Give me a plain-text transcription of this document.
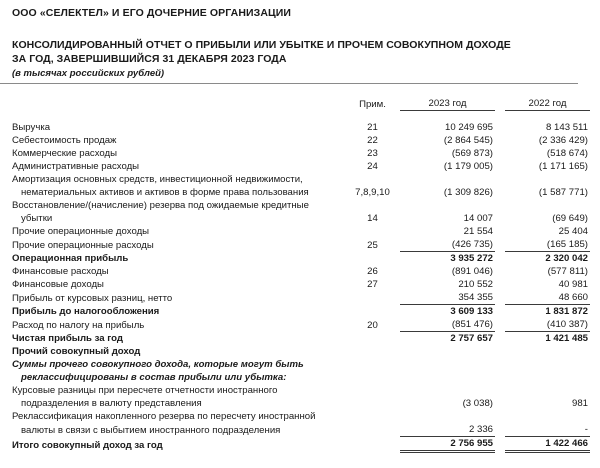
ООО «СЕЛЕКТЕЛ» И ЕГО ДОЧЕРНИЕ ОРГАНИЗАЦИИ
КОНСОЛИДИРОВАННЫЙ ОТЧЕТ О ПРИБЫЛИ ИЛИ УБЫТКЕ И ПРОЧЕМ СОВОКУПНОМ ДОХОДЕ
ЗА ГОД, ЗАВЕРШИВШИЙСЯ 31 ДЕКАБРЯ 2023 ГОДА
(в тысячах российских рублей)

	Прим.	2023 год		2022 год

Выручка	21	10 249 695		8 143 511
Себестоимость продаж	22	(2 864 545)		(2 336 429)
Коммерческие расходы	23	(569 873)		(518 674)
Административные расходы	24	(1 179 005)		(1 171 165)
Амортизация основных средств, инвестиционной недвижимости,				
нематериальных активов и активов в форме права пользования	7,8,9,10	(1 309 826)		(1 587 771)
Восстановление/(начисление) резерва под ожидаемые кредитные				
убытки	14	14 007		(69 649)
Прочие операционные доходы		21 554		25 404
Прочие операционные расходы	25	(426 735)		(165 185)
Операционная прибыль		3 935 272		2 320 042
Финансовые расходы	26	(891 046)		(577 811)
Финансовые доходы	27	210 552		40 981
Прибыль от курсовых разниц, нетто		354 355		48 660
Прибыль до налогообложения		3 609 133		1 831 872
Расход по налогу на прибыль	20	(851 476)		(410 387)
Чистая прибыль за год		2 757 657		1 421 485
Прочий совокупный доход				
Суммы прочего совокупного дохода, которые могут быть				
реклассифицированы в состав прибыли или убытка:				
Курсовые разницы при пересчете отчетности иностранного				
подразделения в валюту представления		(3 038)		981
Реклассификация накопленного резерва по пересчету иностранной				
валюты в связи с выбытием иностранного подразделения		2 336		-
Итого совокупный доход за год		2 756 955		1 422 466
